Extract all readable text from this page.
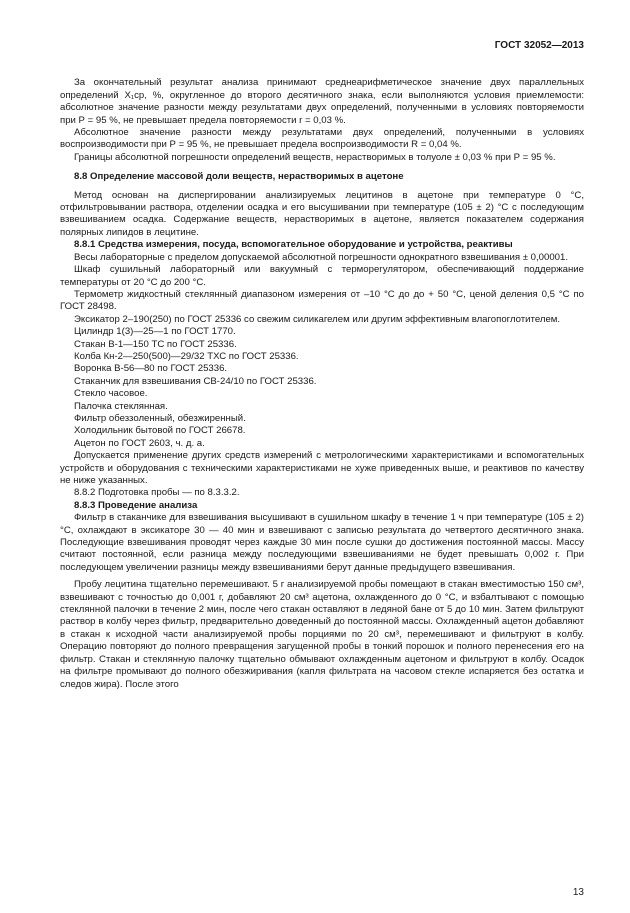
ГОСТ 32052—2013

За окончательный результат анализа принимают среднеарифметическое значение двух параллельных определений Х₁ср, %, округленное до второго десятичного знака, если выполняются условия приемлемости: абсолютное значение разности между результатами двух определений, полученными в условиях повторяемости при Р = 95 %, не превышает предела повторяемости r = 0,03 %.

Абсолютное значение разности между результатами двух определений, полученными в условиях воспроизводимости при Р = 95 %, не превышает предела воспроизводимости R = 0,04 %.

Границы абсолютной погрешности определений веществ, нерастворимых в толуоле ± 0,03 % при Р = 95 %.

8.8 Определение массовой доли веществ, нерастворимых в ацетоне

Метод основан на диспергировании анализируемых лецитинов в ацетоне при температуре 0 °С, отфильтровывании раствора, отделении осадка и его высушивании при температуре (105 ± 2) °С с последующим взвешиванием осадка. Содержание веществ, нерастворимых в ацетоне, является показателем содержания полярных липидов в лецитине.

8.8.1 Средства измерения, посуда, вспомогательное оборудование и устройства, реактивы

Весы лабораторные с пределом допускаемой абсолютной погрешности однократного взвешивания ± 0,00001.

Шкаф сушильный лабораторный или вакуумный с терморегулятором, обеспечивающий поддержание температуры от 20 °С до 200 °С.

Термометр жидкостный стеклянный диапазоном измерения от –10 °С до до + 50 °С, ценой деления 0,5 °С по ГОСТ 28498.

Эксикатор 2–190(250) по ГОСТ 25336 со свежим силикагелем или другим эффективным влагопоглотителем.

Цилиндр 1(3)—25—1 по ГОСТ 1770.

Стакан В-1—150 ТС по ГОСТ 25336.

Колба Кн-2—250(500)—29/32 ТХС по ГОСТ 25336.

Воронка В-56—80 по ГОСТ 25336.

Стаканчик для взвешивания СВ-24/10 по ГОСТ 25336.

Стекло часовое.

Палочка стеклянная.

Фильтр обеззоленный, обезжиренный.

Холодильник бытовой по ГОСТ 26678.

Ацетон по ГОСТ 2603, ч. д. а.

Допускается применение других средств измерений с метрологическими характеристиками и вспомогательных устройств и оборудования с техническими характеристиками не хуже приведенных выше, и реактивов по качеству не ниже указанных.

8.8.2 Подготовка пробы — по 8.3.3.2.

8.8.3 Проведение анализа

Фильтр в стаканчике для взвешивания высушивают в сушильном шкафу в течение 1 ч при температуре (105 ± 2) °С, охлаждают в эксикаторе 30 — 40 мин и взвешивают с записью результата до четвертого десятичного знака. Последующие взвешивания проводят через каждые 30 мин после сушки до достижения постоянной массы. Массу считают постоянной, если разница между последующими взвешиваниями не будет превышать 0,002 г. При последующем увеличении разницы между взвешиваниями берут данные предыдущего взвешивания.

Пробу лецитина тщательно перемешивают. 5 г анализируемой пробы помещают в стакан вместимостью 150 см³, взвешивают с точностью до 0,001 г, добавляют 20 см³ ацетона, охлажденного до 0 °С, и взбалтывают с помощью стеклянной палочки в течение 2 мин, после чего стакан оставляют в ледяной бане от 5 до 10 мин. Затем фильтруют раствор в колбу через фильтр, предварительно доведенный до постоянной массы. Охлажденный ацетон добавляют в стакан к исходной части анализируемой пробы порциями по 20 см³, перемешивают и фильтруют в колбу. Операцию повторяют до полного превращения загущенной пробы в тонкий порошок и полного перенесения его на фильтр. Стакан и стеклянную палочку тщательно обмывают охлажденным ацетоном и фильтруют в колбу. Осадок на фильтре промывают до полного обезжиривания (капля фильтрата на часовом стекле испаряется без остатка и следов жира). После этого

13
